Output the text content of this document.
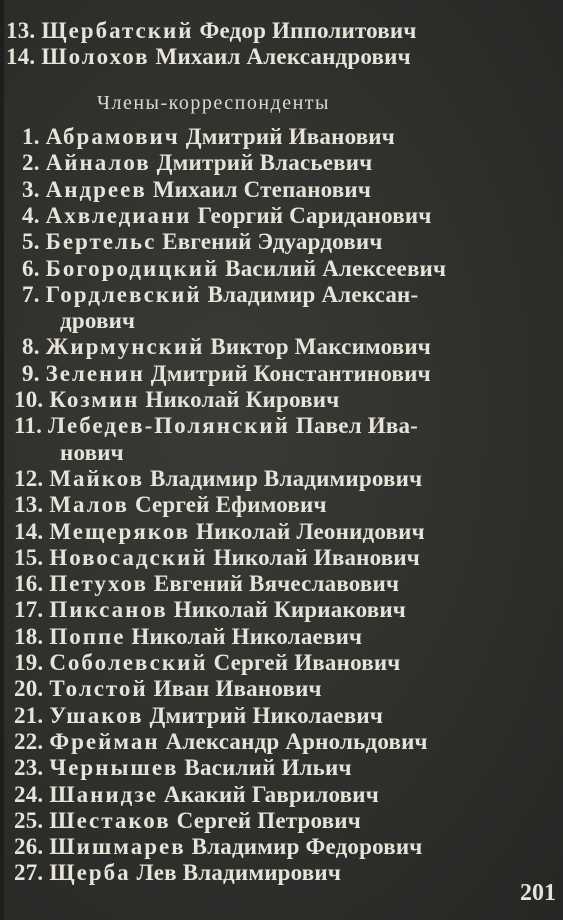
13. Щербатский Федор Ипполитович
14. Шолохов Михаил Александрович
Члены-корреспонденты
1. Абрамович Дмитрий Иванович
2. Айналов Дмитрий Власьевич
3. Андреев Михаил Степанович
4. Ахвледиани Георгий Сариданович
5. Бертельс Евгений Эдуардович
6. Богородицкий Василий Алексеевич
7. Гордлевский Владимир Алексан-
дрович
8. Жирмунский Виктор Максимович
9. Зеленин Дмитрий Константинович
10. Козмин Николай Кирович
11. Лебедев-Полянский Павел Ива-
нович
12. Майков Владимир Владимирович
13. Малов Сергей Ефимович
14. Мещеряков Николай Леонидович
15. Новосадский Николай Иванович
16. Петухов Евгений Вячеславович
17. Пиксанов Николай Кириакович
18. Поппе Николай Николаевич
19. Соболевский Сергей Иванович
20. Толстой Иван Иванович
21. Ушаков Дмитрий Николаевич
22. Фрейман Александр Арнольдович
23. Чернышев Василий Ильич
24. Шанидзе Акакий Гаврилович
25. Шестаков Сергей Петрович
26. Шишмарев Владимир Федорович
27. Щерба Лев Владимирович
201
